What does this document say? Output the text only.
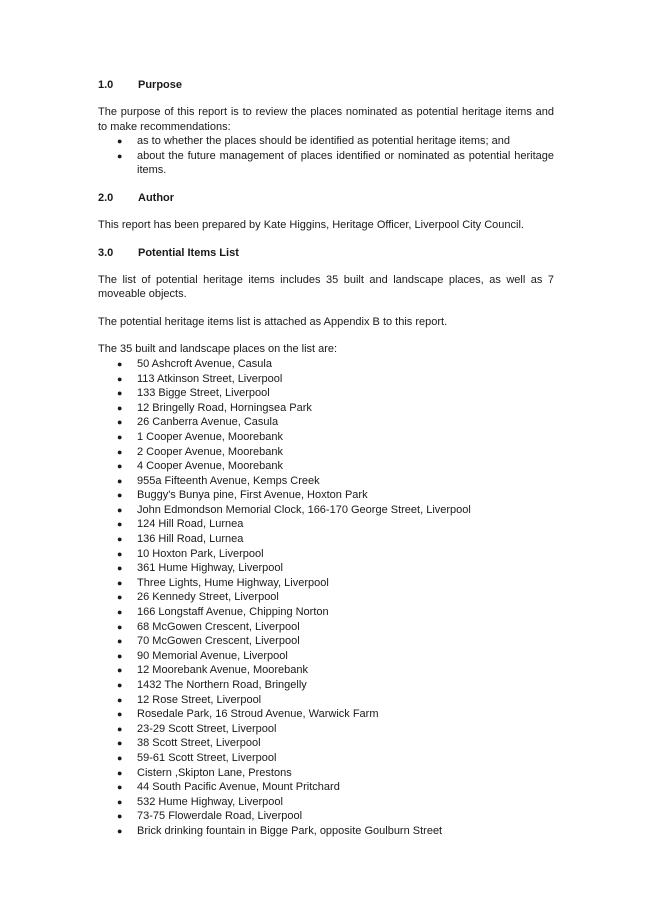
1.0	Purpose

The purpose of this report is to review the places nominated as potential heritage items and to make recommendations:

● as to whether the places should be identified as potential heritage items; and
● about the future management of places identified or nominated as potential heritage items.
2.0	Author

This report has been prepared by Kate Higgins, Heritage Officer, Liverpool City Council.

3.0	Potential Items List

The list of potential heritage items includes 35 built and landscape places, as well as 7 moveable objects.

The potential heritage items list is attached as Appendix B to this report.

The 35 built and landscape places on the list are:

● 50 Ashcroft Avenue, Casula
● 113 Atkinson Street, Liverpool
● 133 Bigge Street, Liverpool
● 12 Bringelly Road, Horningsea Park
● 26 Canberra Avenue, Casula
● 1 Cooper Avenue, Moorebank
● 2 Cooper Avenue, Moorebank
● 4 Cooper Avenue, Moorebank
● 955a Fifteenth Avenue, Kemps Creek
● Buggy's Bunya pine, First Avenue, Hoxton Park
● John Edmondson Memorial Clock, 166-170 George Street, Liverpool
● 124 Hill Road, Lurnea
● 136 Hill Road, Lurnea
● 10 Hoxton Park, Liverpool
● 361 Hume Highway, Liverpool
● Three Lights, Hume Highway, Liverpool
● 26 Kennedy Street, Liverpool
● 166 Longstaff Avenue, Chipping Norton
● 68 McGowen Crescent, Liverpool
● 70 McGowen Crescent, Liverpool
● 90 Memorial Avenue, Liverpool
● 12 Moorebank Avenue, Moorebank
● 1432 The Northern Road, Bringelly
● 12 Rose Street, Liverpool
● Rosedale Park, 16 Stroud Avenue, Warwick Farm
● 23-29 Scott Street, Liverpool
● 38 Scott Street, Liverpool
● 59-61 Scott Street, Liverpool
● Cistern ,Skipton Lane, Prestons
● 44 South Pacific Avenue, Mount Pritchard
● 532 Hume Highway, Liverpool
● 73-75 Flowerdale Road, Liverpool
● Brick drinking fountain in Bigge Park, opposite Goulburn Street
